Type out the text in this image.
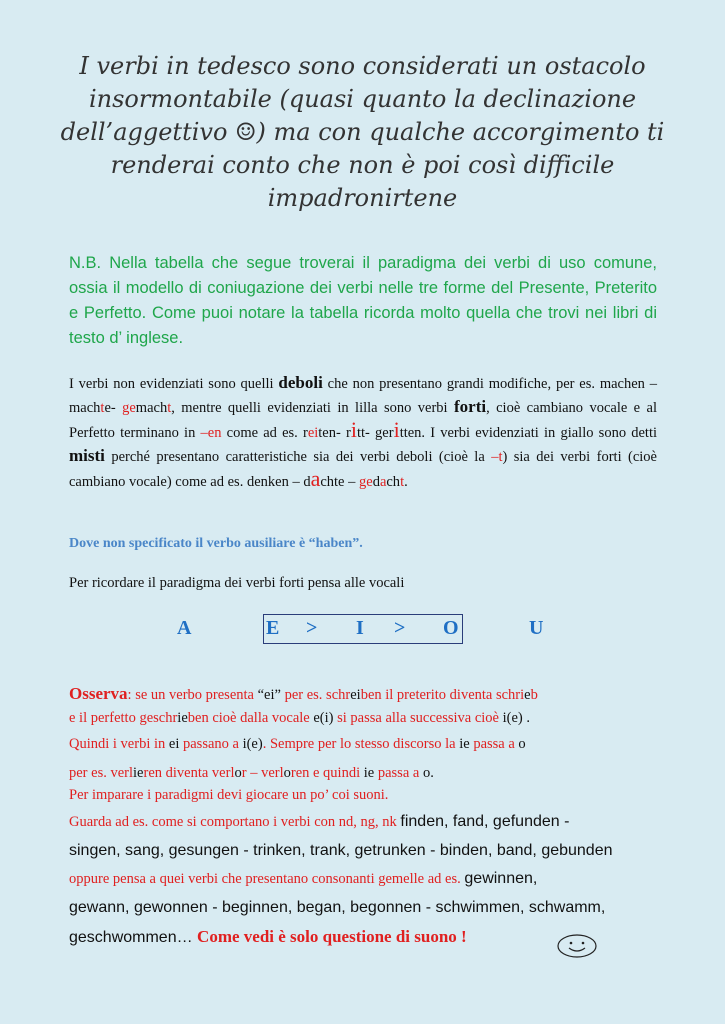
I verbi in tedesco sono considerati un ostacolo insormontabile (quasi quanto la declinazione dell’aggettivo ☺) ma con qualche accorgimento ti renderai conto che non è poi così difficile impadronirtene
N.B. Nella tabella che segue troverai il paradigma dei verbi di uso comune, ossia il modello di coniugazione dei verbi nelle tre forme del Presente, Preterito e Perfetto. Come puoi notare la tabella ricorda molto quella che trovi nei libri di testo d’ inglese.
I verbi non evidenziati sono quelli deboli che non presentano grandi modifiche, per es. machen – machte- gemacht, mentre quelli evidenziati in lilla sono verbi forti, cioè cambiano vocale e al Perfetto terminano in –en come ad es. reiten- ritt- geritten. I verbi evidenziati in giallo sono detti misti perché presentano caratteristiche sia dei verbi deboli (cioè la –t) sia dei verbi forti (cioè cambiano vocale) come ad es. denken – dachte – gedacht.
Dove non specificato il verbo ausiliare è “haben”.
Per ricordare il paradigma dei verbi forti pensa alle vocali
A	E > I > O	U
Osserva: se un verbo presenta “ei” per es. schreiben il preterito diventa schrieb
e il perfetto geschrieben cioè dalla vocale e(i) si passa alla successiva cioè i(e) .
Quindi i verbi in ei passano a i(e). Sempre per lo stesso discorso la ie passa a o
per es. verlieren diventa verlor – verloren e quindi ie passa a o.
Per imparare i paradigmi devi giocare un po’ coi suoni.
Guarda ad es. come si comportano i verbi con nd, ng, nk finden, fand, gefunden -
singen, sang, gesungen - trinken, trank, getrunken - binden, band, gebunden
oppure pensa a quei verbi che presentano consonanti gemelle ad es. gewinnen,
gewann, gewonnen - beginnen, began, begonnen - schwimmen, schwamm,
geschwommen… Come vedi è solo questione di suono !
